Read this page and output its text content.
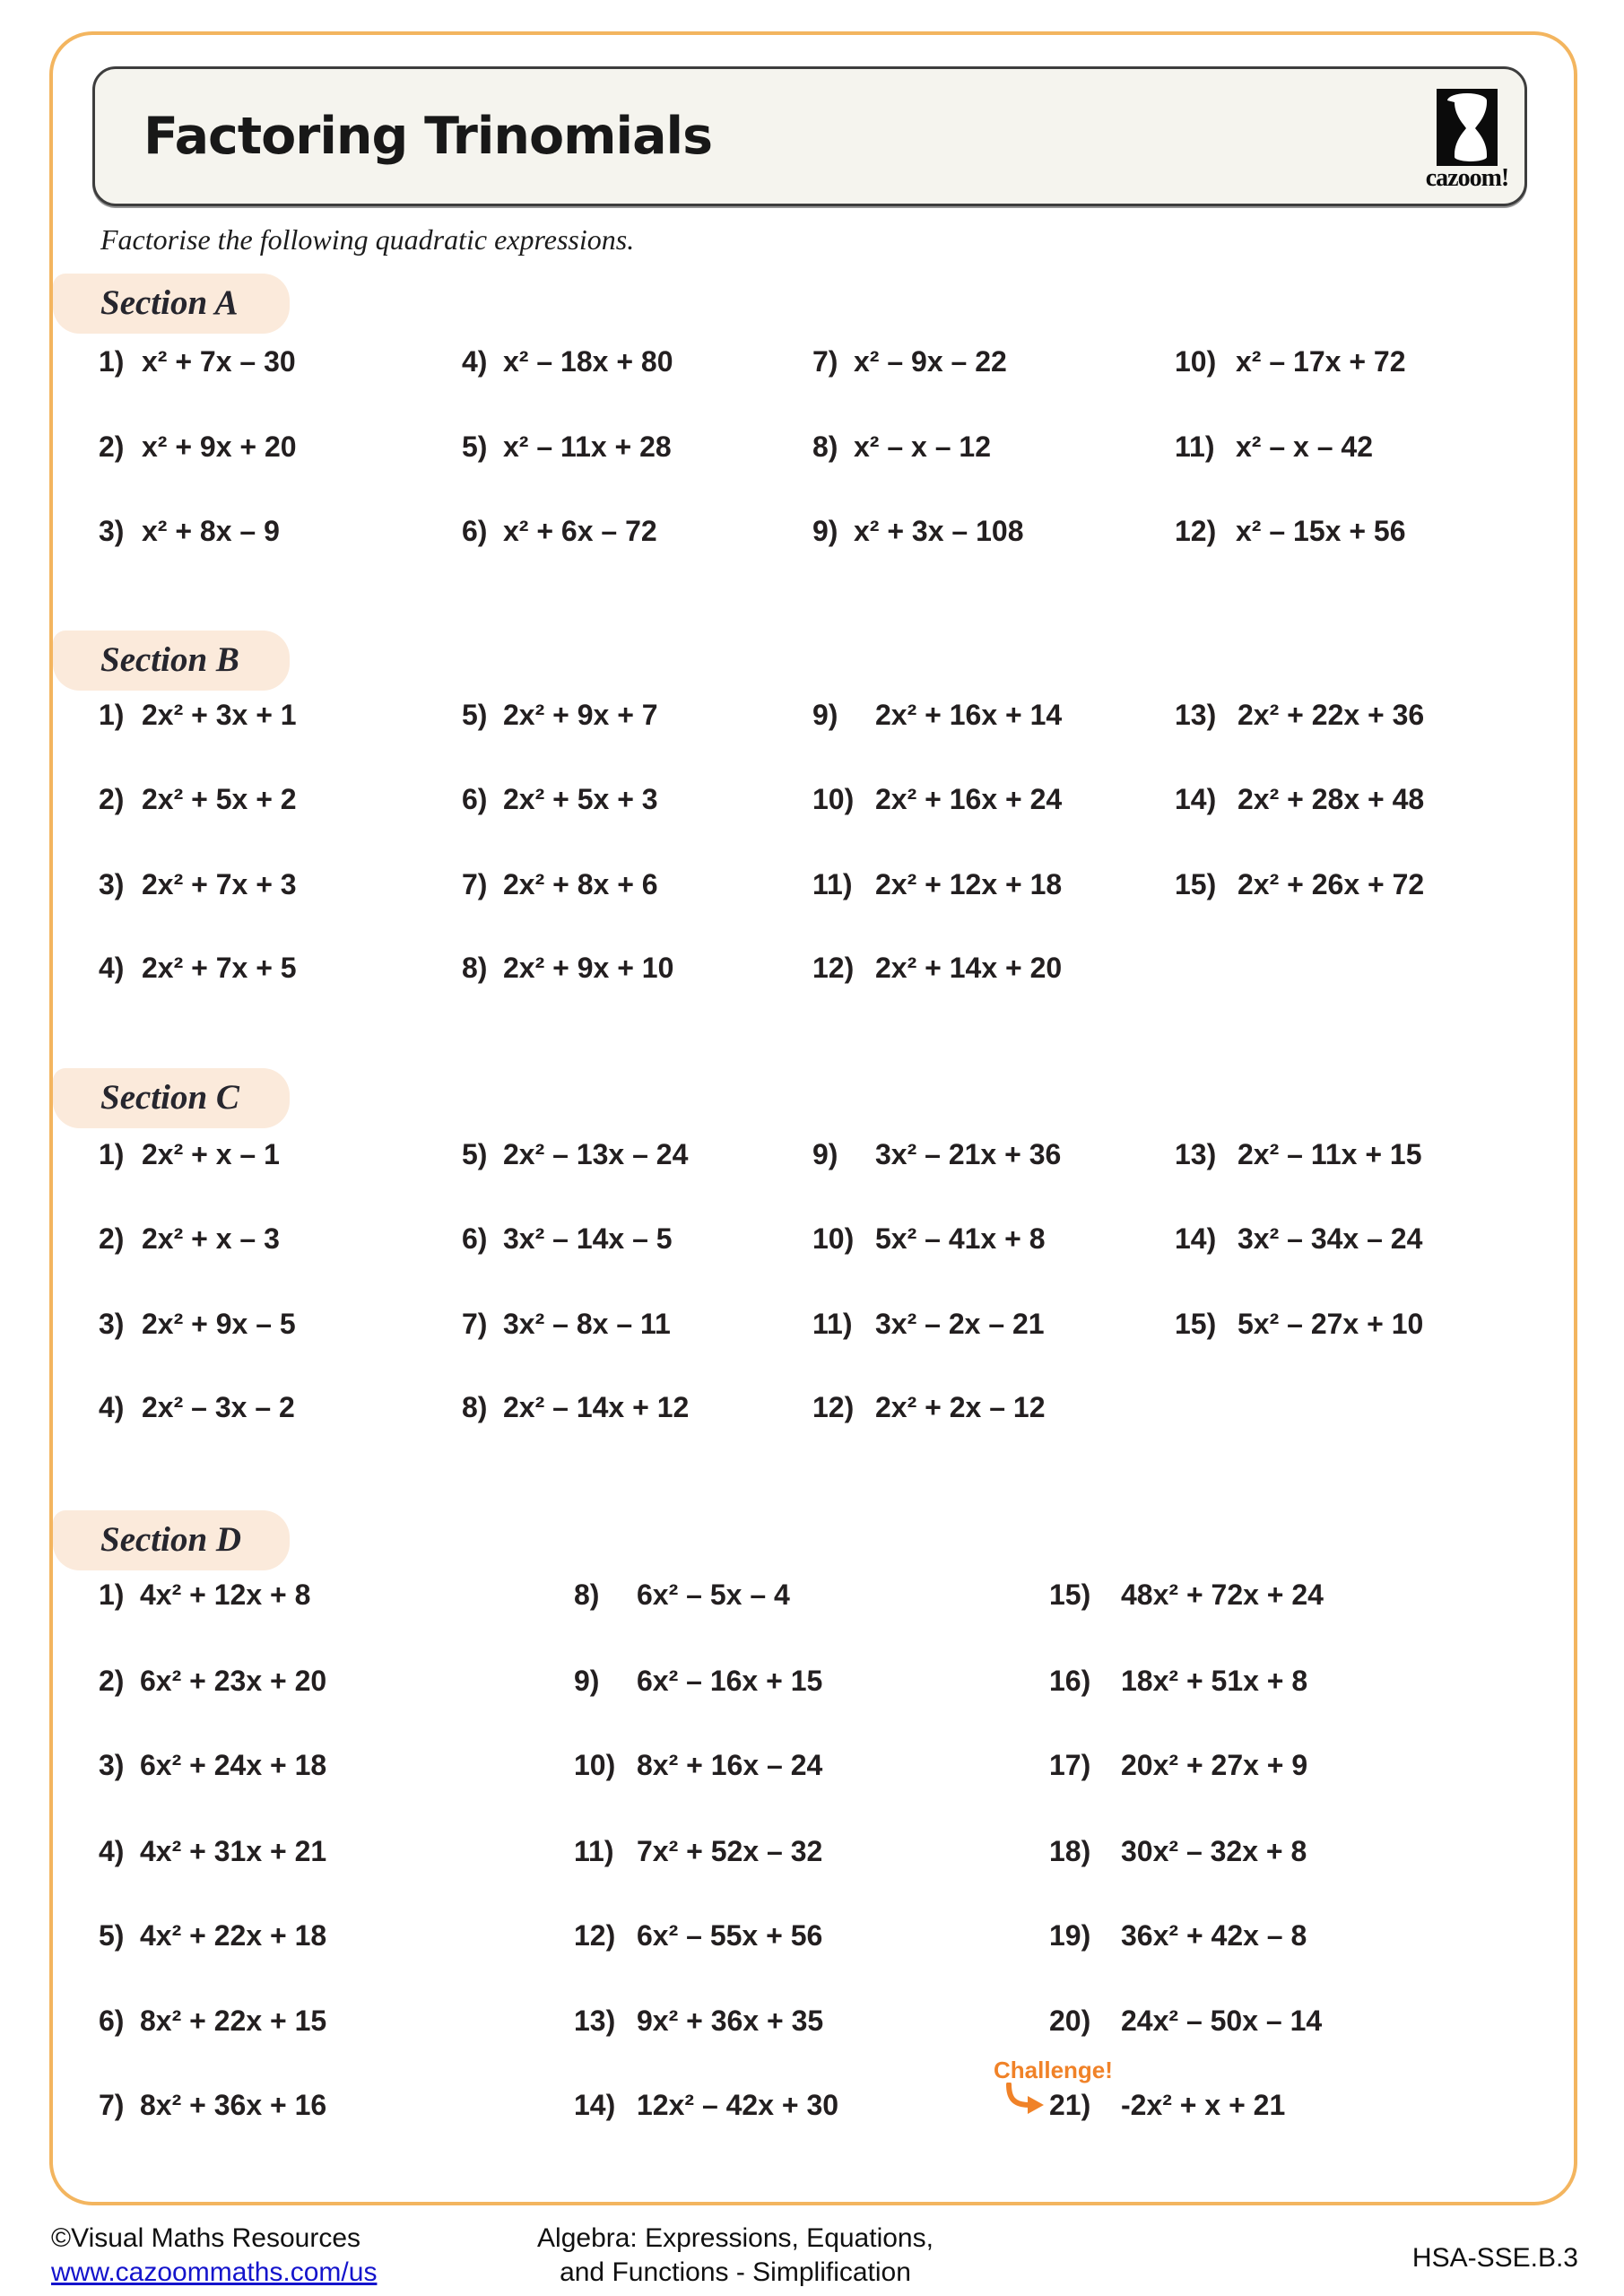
Factoring Trinomials
cazoom!
Factorise the following quadratic expressions.
Section A
1) x² + 7x – 30
2) x² + 9x + 20
3) x² + 8x – 9
4) x² – 18x + 80
5) x² – 11x + 28
6) x² + 6x – 72
7) x² – 9x – 22
8) x² – x – 12
9) x² + 3x – 108
10) x² – 17x + 72
11) x² – x – 42
12) x² – 15x + 56
Section B
1) 2x² + 3x + 1
2) 2x² + 5x + 2
3) 2x² + 7x + 3
4) 2x² + 7x + 5
5) 2x² + 9x + 7
6) 2x² + 5x + 3
7) 2x² + 8x + 6
8) 2x² + 9x + 10
9)	2x² + 16x + 14
10) 2x² + 16x + 24
11) 2x² + 12x + 18
12) 2x² + 14x + 20
13) 2x² + 22x + 36
14) 2x² + 28x + 48
15) 2x² + 26x + 72
Section C
1) 2x² + x – 1
2) 2x² + x – 3
3) 2x² + 9x – 5
4) 2x² – 3x – 2
5) 2x² – 13x – 24
6) 3x² – 14x – 5
7) 3x² – 8x – 11
8) 2x² – 14x + 12
9)	3x² – 21x + 36
10) 5x² – 41x + 8
11) 3x² – 2x – 21
12) 2x² + 2x – 12
13) 2x² – 11x + 15
14) 3x² – 34x – 24
15) 5x² – 27x + 10
Section D
1) 4x² + 12x + 8
2) 6x² + 23x + 20
3) 6x² + 24x + 18
4) 4x² + 31x + 21
5) 4x² + 22x + 18
6) 8x² + 22x + 15
7) 8x² + 36x + 16
8)	6x² – 5x – 4
9)	6x² – 16x + 15
10) 8x² + 16x – 24
11) 7x² + 52x – 32
12) 6x² – 55x + 56
13) 9x² + 36x + 35
14) 12x² – 42x + 30
15)	48x² + 72x + 24
16)	18x² + 51x + 8
17)	20x² + 27x + 9
18)	30x² – 32x + 8
19)	36x² + 42x – 8
20)	24x² – 50x – 14
21)	-2x² + x + 21
Challenge!
©Visual Maths Resources
www.cazoommaths.com/us
Algebra: Expressions, Equations,
and Functions - Simplification	HSA-SSE.B.3
